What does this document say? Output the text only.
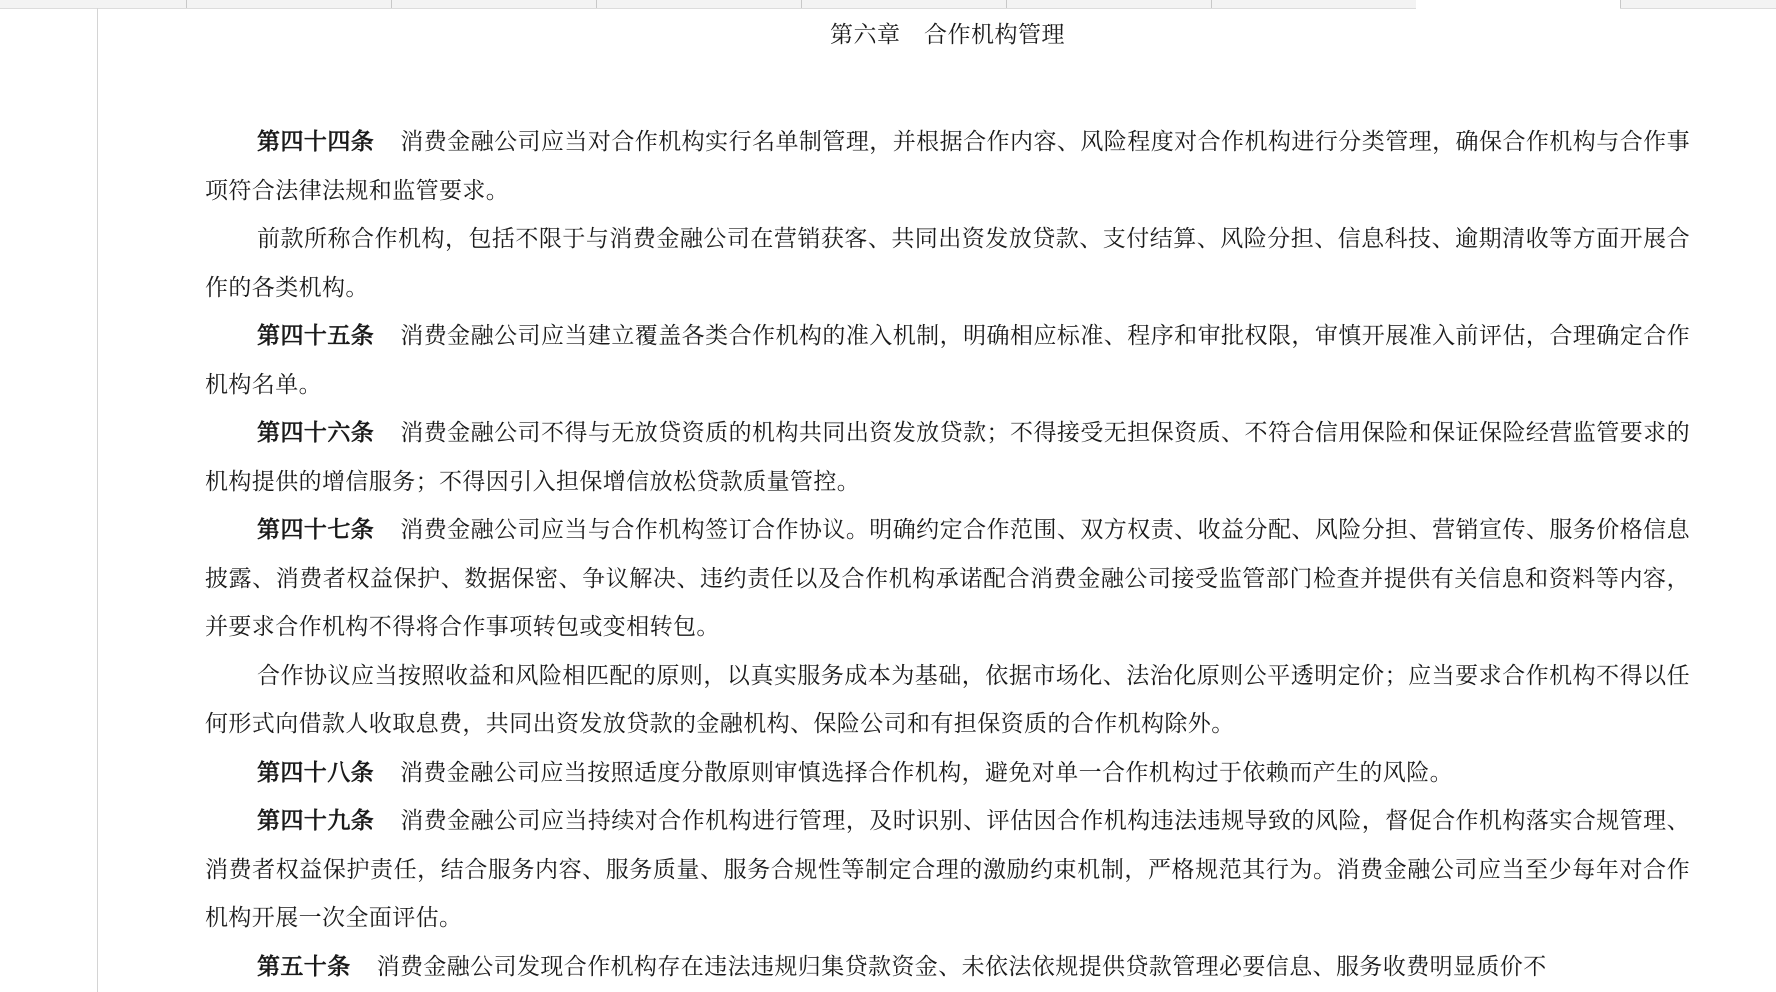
第六章　合作机构管理

第四十四条 消费金融公司应当对合作机构实行名单制管理，并根据合作内容、风险程度对合作机构进行分类管理，确保合作机构与合作事项符合法律法规和监管要求。

前款所称合作机构，包括不限于与消费金融公司在营销获客、共同出资发放贷款、支付结算、风险分担、信息科技、逾期清收等方面开展合作的各类机构。

第四十五条 消费金融公司应当建立覆盖各类合作机构的准入机制，明确相应标准、程序和审批权限，审慎开展准入前评估，合理确定合作机构名单。

第四十六条 消费金融公司不得与无放贷资质的机构共同出资发放贷款；不得接受无担保资质、不符合信用保险和保证保险经营监管要求的机构提供的增信服务；不得因引入担保增信放松贷款质量管控。

第四十七条 消费金融公司应当与合作机构签订合作协议。明确约定合作范围、双方权责、收益分配、风险分担、营销宣传、服务价格信息披露、消费者权益保护、数据保密、争议解决、违约责任以及合作机构承诺配合消费金融公司接受监管部门检查并提供有关信息和资料等内容，并要求合作机构不得将合作事项转包或变相转包。

合作协议应当按照收益和风险相匹配的原则，以真实服务成本为基础，依据市场化、法治化原则公平透明定价；应当要求合作机构不得以任何形式向借款人收取息费，共同出资发放贷款的金融机构、保险公司和有担保资质的合作机构除外。

第四十八条 消费金融公司应当按照适度分散原则审慎选择合作机构，避免对单一合作机构过于依赖而产生的风险。

第四十九条 消费金融公司应当持续对合作机构进行管理，及时识别、评估因合作机构违法违规导致的风险，督促合作机构落实合规管理、消费者权益保护责任，结合服务内容、服务质量、服务合规性等制定合理的激励约束机制，严格规范其行为。消费金融公司应当至少每年对合作机构开展一次全面评估。

第五十条 消费金融公司发现合作机构存在违法违规归集贷款资金、未依法依规提供贷款管理必要信息、服务收费明显质价不
